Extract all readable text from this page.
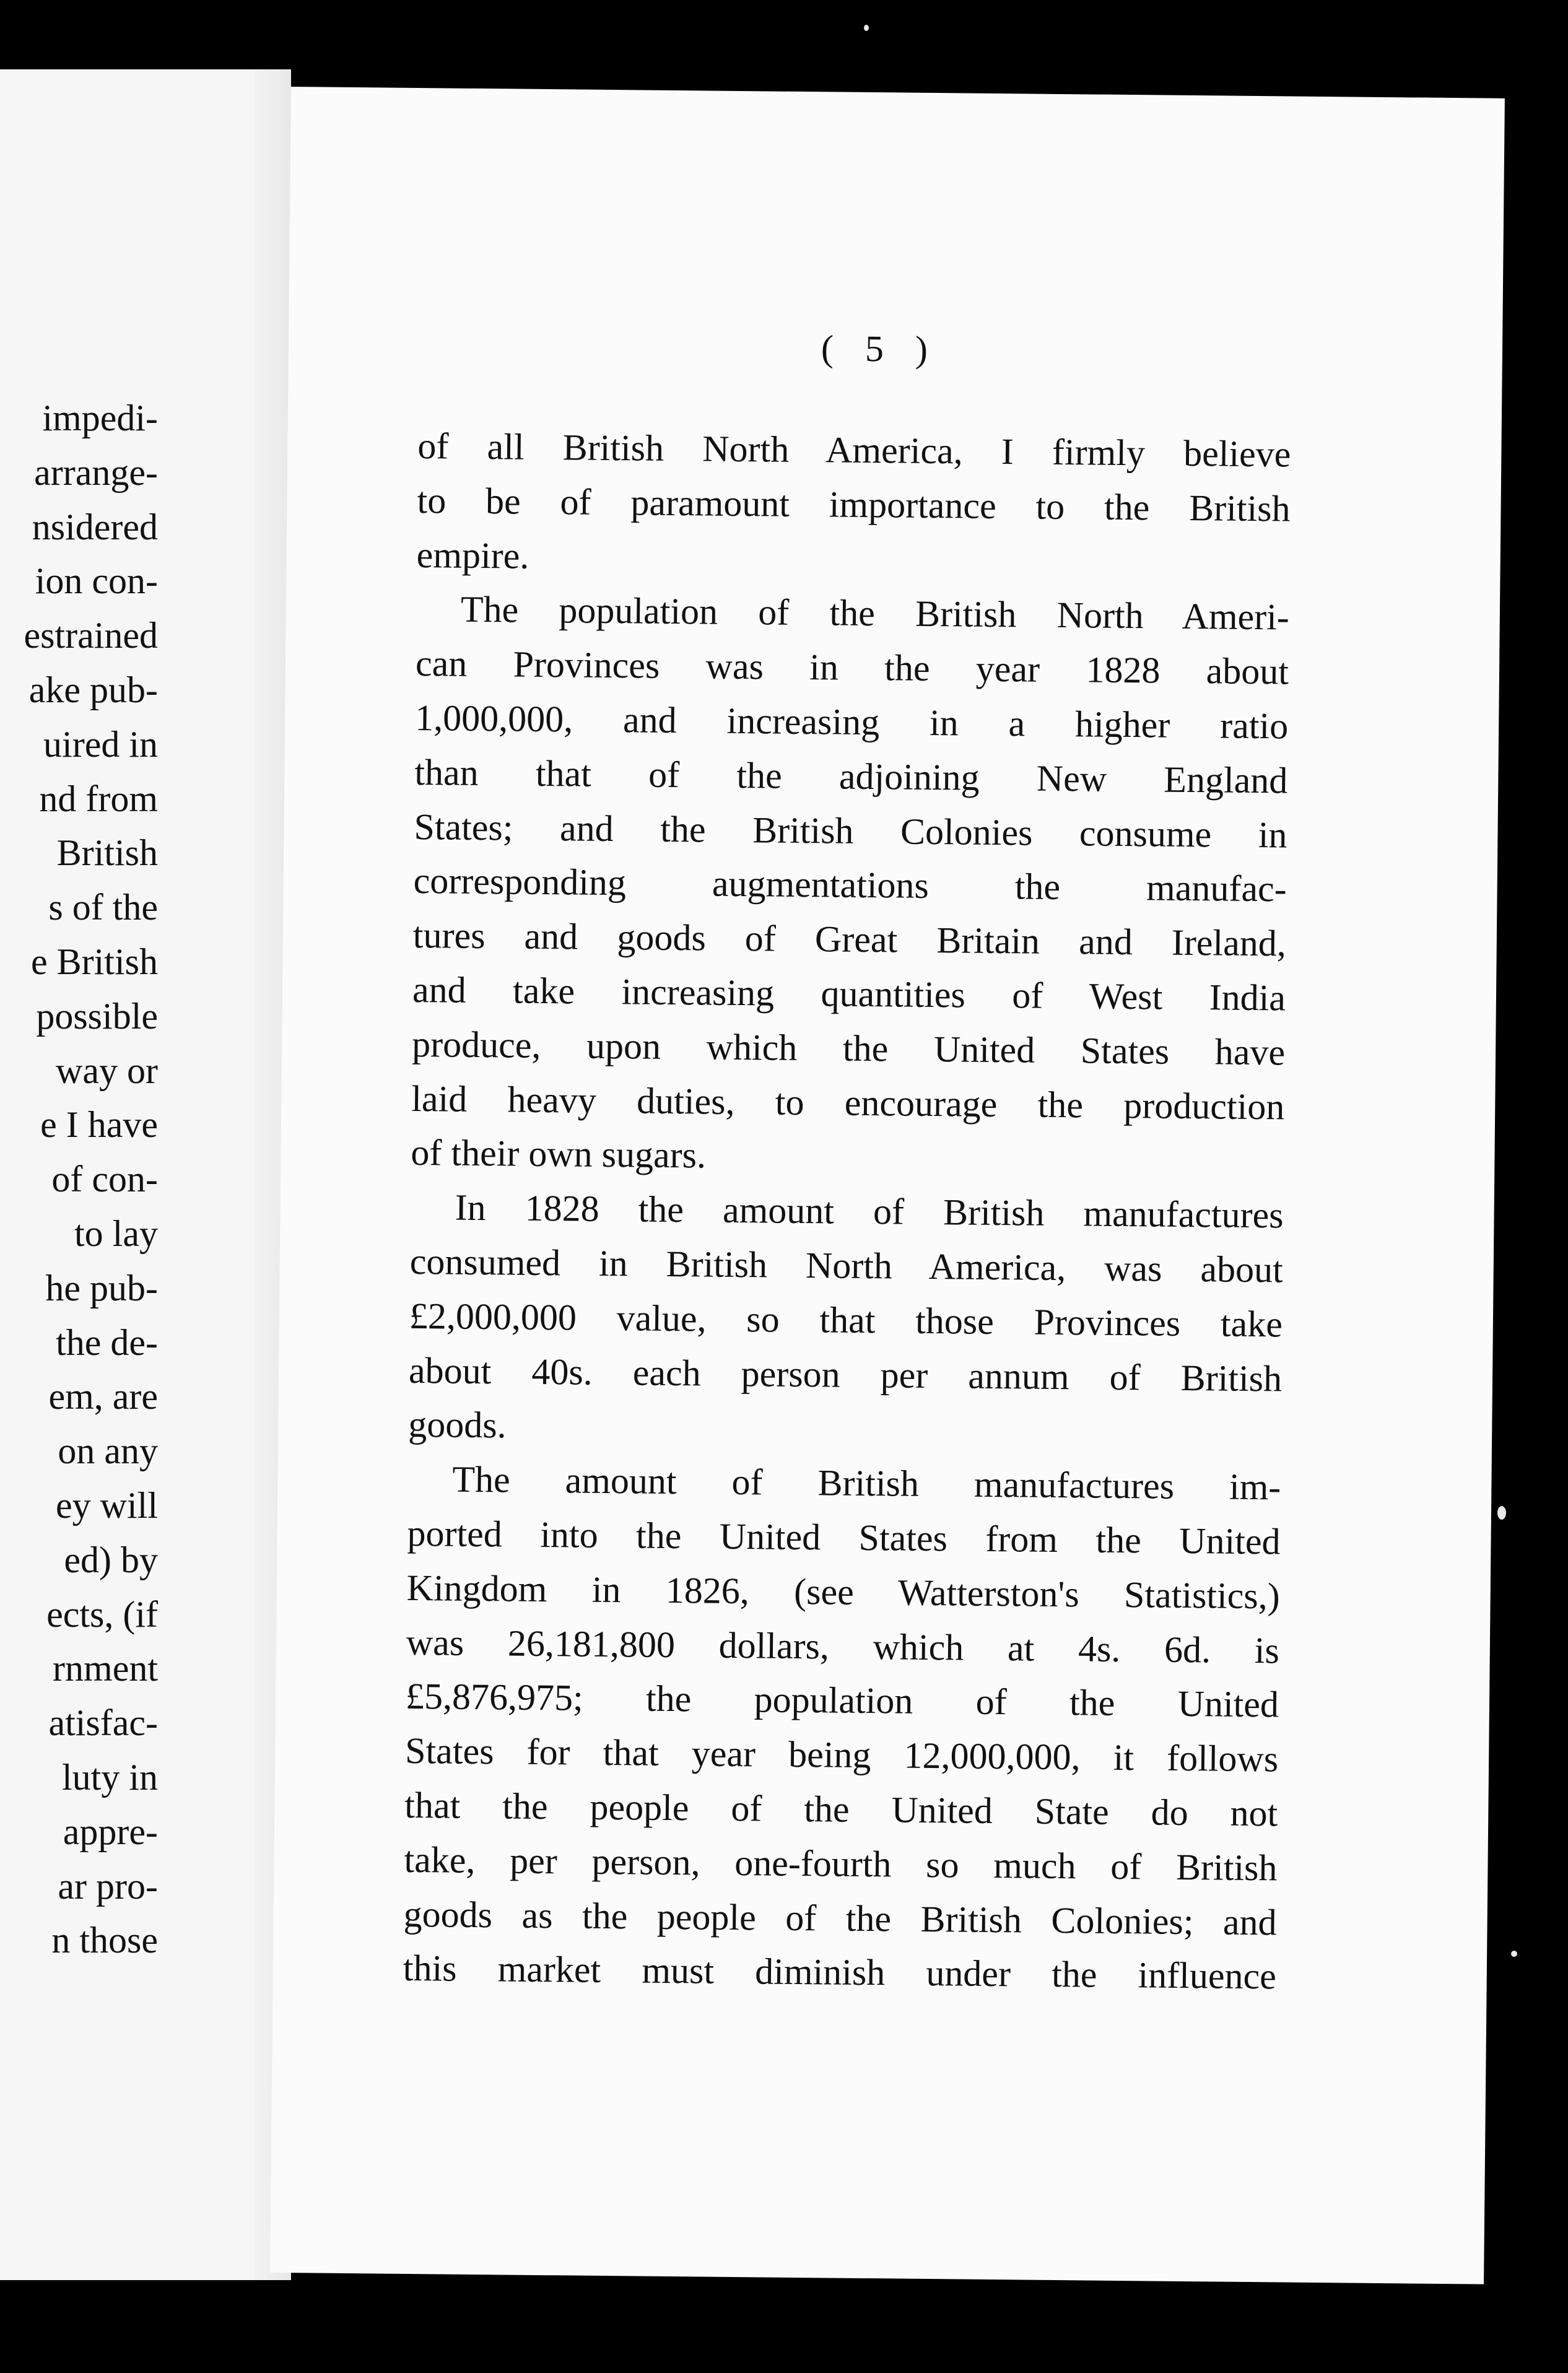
impedi-
arrange-
nsidered
ion con-
estrained
ake pub-
uired in
nd from
British
s of the
e British
possible
way or
e I have
of con-
to lay
he pub-
the de-
em, are
on any
ey will
ed) by
ects, (if
rnment
atisfac-
luty in
appre-
ar pro-
n those
( 5 )
of all British North America, I firmly believe
to be of paramount importance to the British
empire.
The population of the British North Ameri-
can Provinces was in the year 1828 about
1,000,000, and increasing in a higher ratio
than that of the adjoining New England
States; and the British Colonies consume in
corresponding augmentations the manufac-
tures and goods of Great Britain and Ireland,
and take increasing quantities of West India
produce, upon which the United States have
laid heavy duties, to encourage the production
of their own sugars.
In 1828 the amount of British manufactures
consumed in British North America, was about
£2,000,000 value, so that those Provinces take
about 40s. each person per annum of British
goods.
The amount of British manufactures im-
ported into the United States from the United
Kingdom in 1826, (see Watterston's Statistics,)
was 26,181,800 dollars, which at 4s. 6d. is
£5,876,975; the population of the United
States for that year being 12,000,000, it follows
that the people of the United State do not
take, per person, one-fourth so much of British
goods as the people of the British Colonies; and
this market must diminish under the influence
